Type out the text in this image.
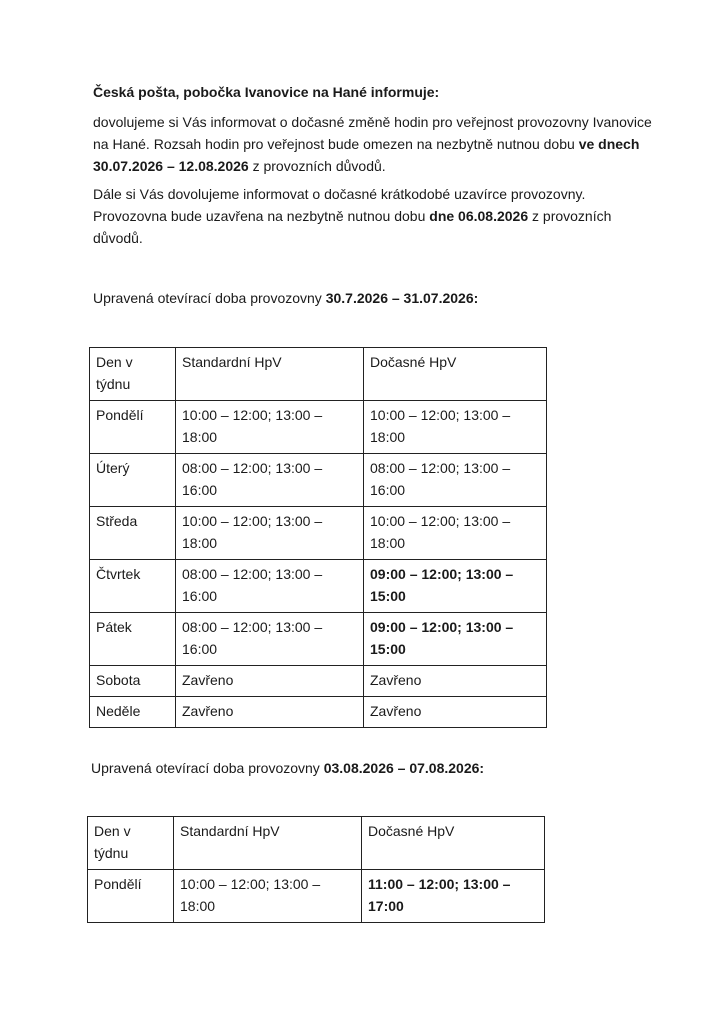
Česká pošta, pobočka Ivanovice na Hané informuje:

dovolujeme si Vás informovat o dočasné změně hodin pro veřejnost provozovny Ivanovice na Hané. Rozsah hodin pro veřejnost bude omezen na nezbytně nutnou dobu ve dnech 30.07.2026 – 12.08.2026 z provozních důvodů.

Dále si Vás dovolujeme informovat o dočasné krátkodobé uzavírce provozovny. Provozovna bude uzavřena na nezbytně nutnou dobu dne 06.08.2026 z provozních důvodů.

Upravená otevírací doba provozovny 30.7.2026 – 31.07.2026:

Den v týdnu	Standardní HpV	Dočasné HpV
Pondělí	10:00 – 12:00; 13:00 – 18:00	10:00 – 12:00; 13:00 – 18:00
Úterý	08:00 – 12:00; 13:00 – 16:00	08:00 – 12:00; 13:00 – 16:00
Středa	10:00 – 12:00; 13:00 – 18:00	10:00 – 12:00; 13:00 – 18:00
Čtvrtek	08:00 – 12:00; 13:00 – 16:00	09:00 – 12:00; 13:00 – 15:00
Pátek	08:00 – 12:00; 13:00 – 16:00	09:00 – 12:00; 13:00 – 15:00
Sobota	Zavřeno	Zavřeno
Neděle	Zavřeno	Zavřeno

Upravená otevírací doba provozovny 03.08.2026 – 07.08.2026:

Den v týdnu	Standardní HpV	Dočasné HpV
Pondělí	10:00 – 12:00; 13:00 – 18:00	11:00 – 12:00; 13:00 – 17:00
